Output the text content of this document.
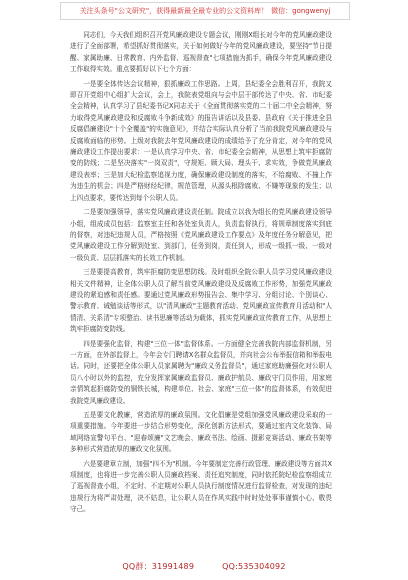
关注头条号"公文研究"，获得最新最全最专业的公文资料库！ 微信：gongwenyj

同志们，今天我们组织召开党风廉政建设专题会议，刚刚X组长对今年的党风廉政建设进行了全面部署，希望抓好贯彻落实，关于如何做好今年的党风廉政建设，要坚持"节日提醒、家属助廉、日常教育、内外监督、巡视督查"七项措施为抓手，确保今年党风廉政建设工作取得实效。重点要抓好以下七个方面：

一是要全体传达会议精神，狠抓廉政工作思路。上周，县纪委全会胜利召开，我院又即召开党组中心组扩大会议，会上，我院表党组向与会中层干部传达了中央、省、市纪委全会精神，认真学习了县纪委书记X同志关于《全面贯彻落实党的二十届二中全会精神，努力取得党风廉政建设和反腐败斗争新成效》的报告讲话以及县委、县政府《关于推进全县反腐倡廉建设"十个全覆盖"的实施意见》，并结合实际认真分析了当前我院党风廉政建设与反腐败面临的形势。上级对我院去年党风廉政建设的成绩给予了充分肯定，对今年的党风廉政建设工作提出要求：一是认真学习中央、省、市纪委全会精神，从思想上筑牢拒腐防变的防线；二是坚决落实"一岗双责"，守规矩、顾大局、理头干、求实效，争做党风廉政建设表率；三是加大纪检监察追视力度，确保廉政建设制度的落实，不给腐败、不撞上作为违生的机会；四是严格财经纪律，规范管理，从源头根除腐败、不嫌等现象的发生；以上四点要求，要传达到每个公职人员。

二是要加强领导，落实党风廉政建设责任制。院成立以我为组长的党风廉政建设领导小组，组成成员包括：监察室主任和各处室负责人，负责监督执行，将规章制度落实到底的督察，对违纪违规人员，严格按照《党风廉政建设工作要点》及年度任务分解意见，把党风廉政建设工作分解到处室、到部门，任务到岗，责任到人，形成一级抓一级、一级对一级负责、层层抓落实的长效工作机制。

三是要提高教育，筑牢拒腐防变思想防线。及时组织全院公职人员学习党风廉政建设相关文件精神，让全体公职人员了解当前党风廉政建设及反腐败工作形势，加强党风廉政建设的紧迫感和责任感。要通过党风廉政形势报告会、集中学习、分组讨论、个别谈心、警示教育、诫勉谈话等形式，以"清风廉政"主题教育活动、党风廉政宣传教育月活动和"人情清、关系清"专项整治、读书思廉等活动为载体，抓实党风廉政宣传教育工作，从思想上筑牢拒腐防变防线。

四是要强化监督，构建"三位一体"监督体系。一方面健全完善我院内部监督机制，另一方面，在外部监督上，今年会专门聘请X名群众监督员，并向社会公布举报信箱和举报电话。同时，还要把全体公职人员家属聘为"廉政义务监督员"，通过家庭助廉强化对公职人员八小时以外的监控，充分发挥家属廉政监督员、廉政护航员、廉政守门员作用，用家庭亲情筑起拒腐防变的铜铁长城，构建单位、社会、家庭"三位一体"的监督体系，有效促进我院党风廉政建设。

五是要文化教廉，营造浓厚的廉政氛围。文化倡廉是党组加强党风廉政建设采取的一项重要措施。今年要进一步结合形势变化，深化创新方法形式，要通过室内文化装饰、局域网络宣警句平台、"迎春颂廉"文艺晚会、廉政书法、绘画、摄影竞赛活动、廉政书架等多种形式营造浓厚的廉政文化氛围。

六是要建章立制，加强"四不为"机制。今年要制定完善行政管理、廉政建设等方面共X项制度，也将进一步完善公职人员廉政档案、责任追究制度，同时依托院纪检监察组成立了巡视督查小组，不定时、不定期对公职人员执行制度情况进行监督检查，对发现的违纪违规行为将严肃处理，决不姑息，让公职人员在作风实践中时时处处事事谨慎小心、敬畏守己。

QQ群：31991489	QQ:535304092
